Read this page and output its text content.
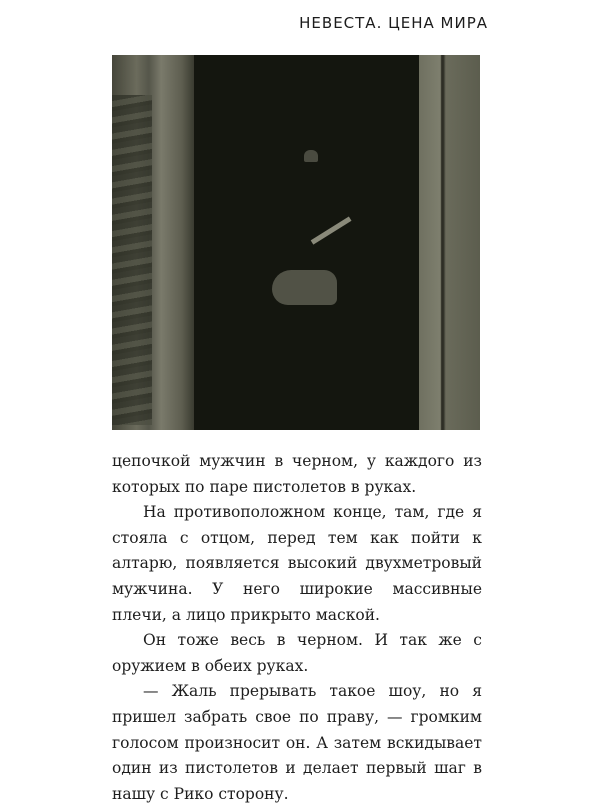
НЕВЕСТА. ЦЕНА МИРА

цепочкой мужчин в черном, у каждого из которых по паре пистолетов в руках.

На противоположном конце, там, где я стояла с отцом, перед тем как пойти к алтарю, появляется высокий двухметровый мужчина. У него широкие массивные плечи, а лицо прикрыто маской.

Он тоже весь в черном. И так же с оружием в обеих руках.

— Жаль прерывать такое шоу, но я пришел забрать свое по праву, — громким голосом произносит он. А затем вскидывает один из пистолетов и делает первый шаг в нашу с Рико сторону.
